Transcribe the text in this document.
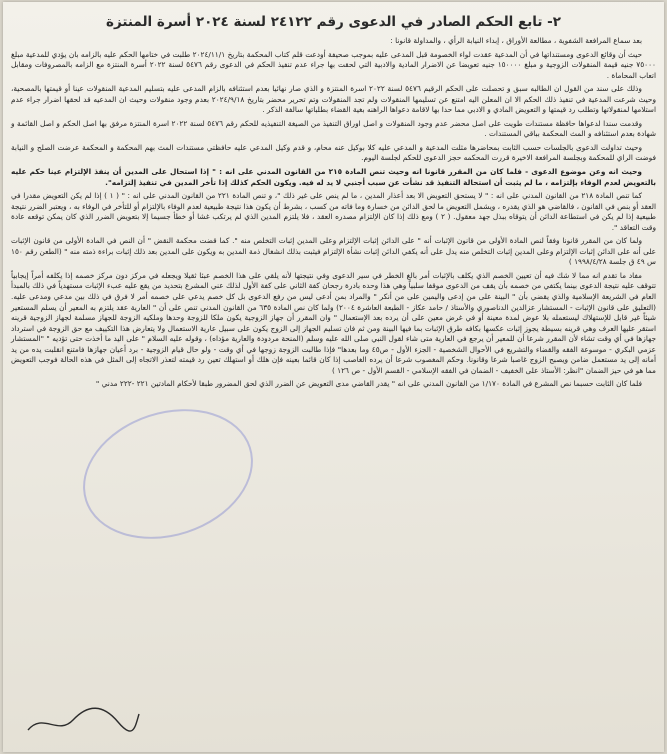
٢- تابع الحكم الصادر في الدعوى رقم ٢٤١٢٢ لسنة ٢٠٢٤ أسرة المنتزة

بعد سماع المرافعة الشفوية ، مطالعة الأوراق ، إبداء النيابة الرأي ، والمداولة قانونا :

حيث أن وقائع الدعوى ومستنداتها في أن المدعية عقدت لواء الخصومة قبل المدعى عليه بموجب صحيفة أودعت قلم كتاب المحكمة بتاريخ ٢٠٢٤/١١/١ طلبت في ختامها الحكم عليه بالزامه بان يؤدي للمدعية مبلغ ٧٥٠٠٠ جنيه قيمة المنقولات الزوجية و مبلغ ١٥٠٠٠٠ جنيه تعويضا عن الاضرار المادية والادبية التي لحقت بها جراء عدم تنفيذ الحكم في الدعوى رقم ٥٤٧٦ لسنة ٢٠٢٢ أسرة المنتزة مع الزامه بالمصروفات ومقابل اتعاب المحاماة .

وذلك على سند من القول ان الطالبه سبق و تحصلت على الحكم الرقيم ٥٤٧٦ لسنة ٢٠٢٢ اسرة المنتزة و الذي صار نهائيا بعدم استئنافه بالزام المدعى عليه بتسليم المدعية المنقولات عينا أو قيمتها بالمصحية، وحيث شرعت المدعية في تنفيذ ذلك الحكم الا ان المعلن اليه امتنع عن تسليمها المنقولات ولم تجد المنقولات وتم تحرير محضر بتاريخ ٢٠٢٤/٩/١٨ بعدم وجود منقولات وحيث ان المدعيه قد لحقها اضرار جراء عدم استلامها لمنقولاتها وتطلب رد قيمتها و التعويض المادي و الادبي مما حدا بها لاقامة دعواها الراهنه بغية القضاء بطلباتها سالفة الذكر .

وقدمت سندا لدعواها حافظة مستندات طويت على اصل محضر عدم وجود المنقولات و اصل اوراق التنفيذ من الصيغة التنفيذيه للحكم رقم ٥٤٧٦ لسنة ٢٠٢٢ اسرة المنتزة مرفق بها اصل الحكم و اصل القائمة و شهادة بعدم استئنافه و المث المحكمة بباقي المستندات .

وحيث تداولت الدعوى بالجلسات حسب الثابت بمحاضرها مثلت المدعية و المدعي عليه كلا بوكيل عنه محام، و قدم وكيل المدعي عليه حافظتي مستندات المث بهم المحكمة و المحكمة عرضت الصلح و النيابة فوضت الراي للمحكمة وبجلسة المرافعة الاخيرة قررت المحكمه حجز الدعوى للحكم لجلسة اليوم.

وحيث انه وعن موضوع الدعوى - فلما كان من المقرر قانونا انه وحيث تنص المادة ٢١٥ من القانون المدني على انه : " إذا استحال على المدين أن ينفذ الإلتزام عينا حكم عليه بالتعويض لعدم الوفاء بإلتزامه ، ما لم يثبت أن استحالة التنفيذ قد نشأت عن سبب أجنبي لا يد له فيه. ويكون الحكم كذلك إذا تأخر المدين في تنفيذ إلتزامه".

كما تنص المادة ٢١٨ من القانون المدني على انه : " لا يستحق التعويض الا بعد أعذار المدين ، ما لم ينص على غير ذلك "، و تنص المادة ٢٢١ من القانون المدني على انه : " ( ١ ) إذا لم يكن التعويض مقدرا في العقد أو بنص في القانون ، فالقاضي هو الذي يقدره ، ويشمل التعويض ما لحق الدائن من خسارة وما فاته من كسب ، بشرط أن يكون هذا نتيجة طبيعية لعدم الوفاء بالإلتزام أو للتأخر في الوفاء به ، ويعتبر الضرر نتيجة طبيعية إذا لم يكن في استطاعة الدائن أن يتوقاه ببذل جهد معقول. ( ٢ ) ومع ذلك إذا كان الإلتزام مصدره العقد ، فلا يلتزم المدين الذي لم يرتكب غشا أو خطأ جسيما إلا بتعويض الضرر الذي كان يمكن توقعه عادة وقت التعاقد ".

ولما كان من المقرر قانونا وفقاً لنص المادة الأولى من قانون الإثبات أنه " على الدائن إثبات الإلتزام وعلى المدين إثبات التخلص منه ". كما قضت محكمة النقض " أن النص في المادة الأولى من قانون الإثبات على أنه على الدائن إثبات الإلتزام وعلى المدين إثبات التخلص منه يدل على أنه يكفي الدائن إثبات نشأة الإلتزام فيثبت بذلك انشغال ذمة المدين به ويكون على المدين بعد ذلك إثبات براءة ذمته منه " (الطعن رقم ١٥٠ س ٤٩ ق جلسة ١٩٩٨/٤/٢٨ )

مفاد ما تقدم انه مما لا شك فيه أن تعيين الخصم الذي يكلف بالإثبات أمر بالغ الخطر في سير الدعوى وفي نتيجتها لأنه يلقي على هذا الخصم عبئا ثقيلا ويجعله في مركز دون مركز خصمه إذا يكلفه أمراً إيجابياً تتوقف عليه نتيجة الدعوى بينما يكتفي من خصمه بأن يقف من الدعوى موقفا سلبياً وهي هذا وحده بادرة رجحان كفة الثاني على كفة الأول لذلك عني المشرع بتحديد من يقع عليه عبء الإثبات مستهدياً في ذلك بالمبدأ العام في الشريعة الإسلامية والذي يقضي بأن " البينة على من إدعى واليمين على من أنكر " والمراد بمن أدعى ليس من رفع الدعوى بل كل خصم يدعي على خصمه أمر لا فرق في ذلك بين مدعي ومدعى عليه. (التعليق على قانون الإثبات - المستشار عزالدين الدناصوري والأستاذ / حامد عكاز - الطبعة العاشرة ٢٠٠٤) ولما كان نص المادة ٦٣٥ من القانون المدني تنص على أن " العارية عقد يلتزم به المعير أن يسلم المستعير شيئاً غير قابل للإستهلاك ليستعمله بلا عوض لمدة معينة أو في غرض معين على أن يرده بعد الإستعمال " وان المقرر أن جهاز الزوجية يكون ملكا للزوجة وحدها وملكيه الزوجة للجهاز مسلمة لجهاز الزوجية قرينه استقر عليها العرف وهي قرينه بسيطة يجوز إثبات عكسها بكافه طرق الإثبات بما فيها البينة ومن ثم فان تسليم الجهاز إلى الزوج يكون على سبيل عارية الاستعمال ولا يتعارض هذا التكييف مع حق الزوجة في استرداد جهازها في أي وقت تشاء لأن المقرر شرعا أن للمعير أن يرجع في العارية متى شاء لقول النبي صلى الله عليه وسلم (المنحة مردودة والعارية مؤداه) ، وقوله عليه السلام " على اليد ما أخذت حتى تؤديه " "المستشار عزمي البكري - موسوعة الفقه والقضاء والتشريع في الأحوال الشخصية - الجزء الأول - ص٤٥ وما بعدها" فإذا طالبت الزوجة زوجها في أي وقت - ولو حال قيام الزوجية - برد أعيان جهازها فامتنع انقلبت يده من يد أمانه إلى يد مستعمل ضامن ويصبح الزوج غاصبا شرعا وقانونا. وحكم المغصوب شرعا أن يرده الغاصب إذا كان قائما بعينه فإن هلك أو استهلك تعين رد قيمته لتعذر الاتجاه إلى المثل في هذه الحالة فوجب التعويض مما هو في حيز الضمان "انظر: الأستاذ على الخفيف - الضمان في الفقه الإسلامي - القسم الأول - ص ١٢٦ )

فلما كان الثابت حسبما نص المشرع في المادة ١/١٧٠ من القانون المدني على انه " يقدر القاضي مدى التعويض عن الضرر الذي لحق المضرور طبقا لأحكام المادتين ٢٢١ -٢٢٢ مدني "
